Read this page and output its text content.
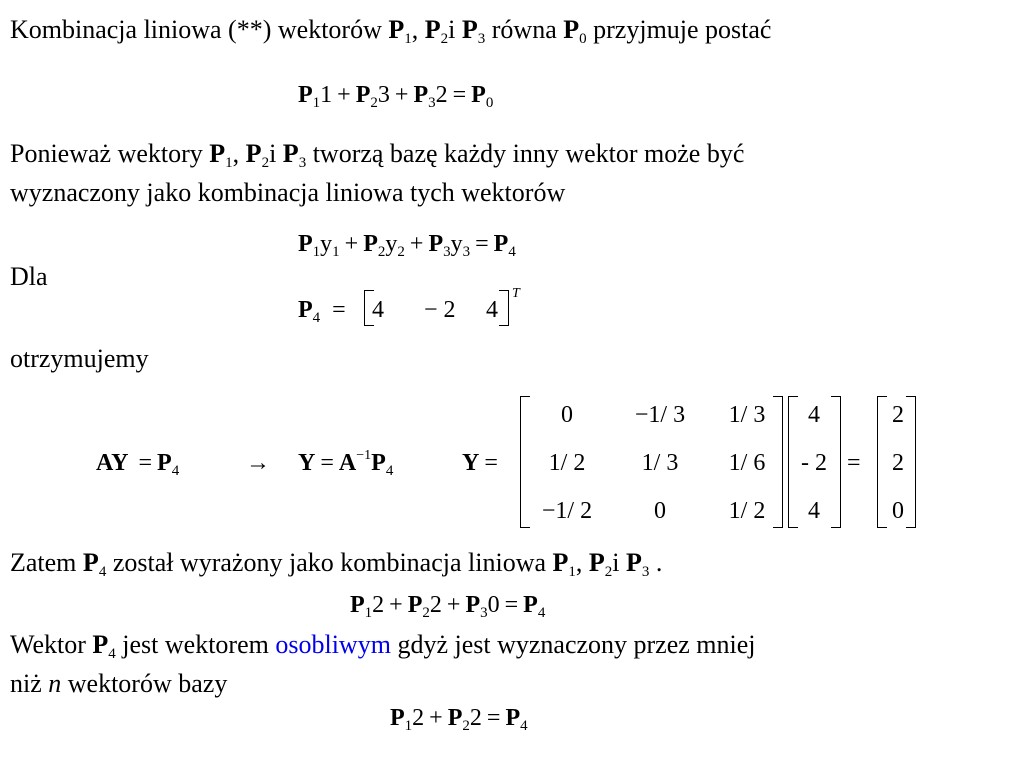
Kombinacja liniowa (**) wektorów $P_1$, $P_2i$ $P_3$ równa $P_0$ przyjmuje postać
$P_11 + P_23 + P_32 = P_0$
Ponieważ wektory $P_1$, $P_2i$ $P_3$ tworzą bazę każdy inny wektor może być
wyznaczony jako kombinacja liniowa tych wektorów
$P_1y_1 + P_2y_2 + P_3y_3 = P_4$
Dla
$P_4 = 4 - 2$ 4
T
otrzymujemy
AY = $P_4$	→ $Y = A^{-1}P_4$	Y =
0	−1/ 3	1/ 3
1/ 2	1/ 3	1/ 6
−1/ 2	0	1/ 2
4
- 2
4
=
2
2
0
Zatem $P_4$ został wyrażony jako kombinacja liniowa $P_1$, $P_2i$ $P_3$ .
$P_12 + P_22 + P_30 = P_4$
Wektor $P_4$ jest wektorem osobliwym gdyż jest wyznaczony przez mniej
niż n wektorów bazy
$P_12 + P_22 = P_4$
